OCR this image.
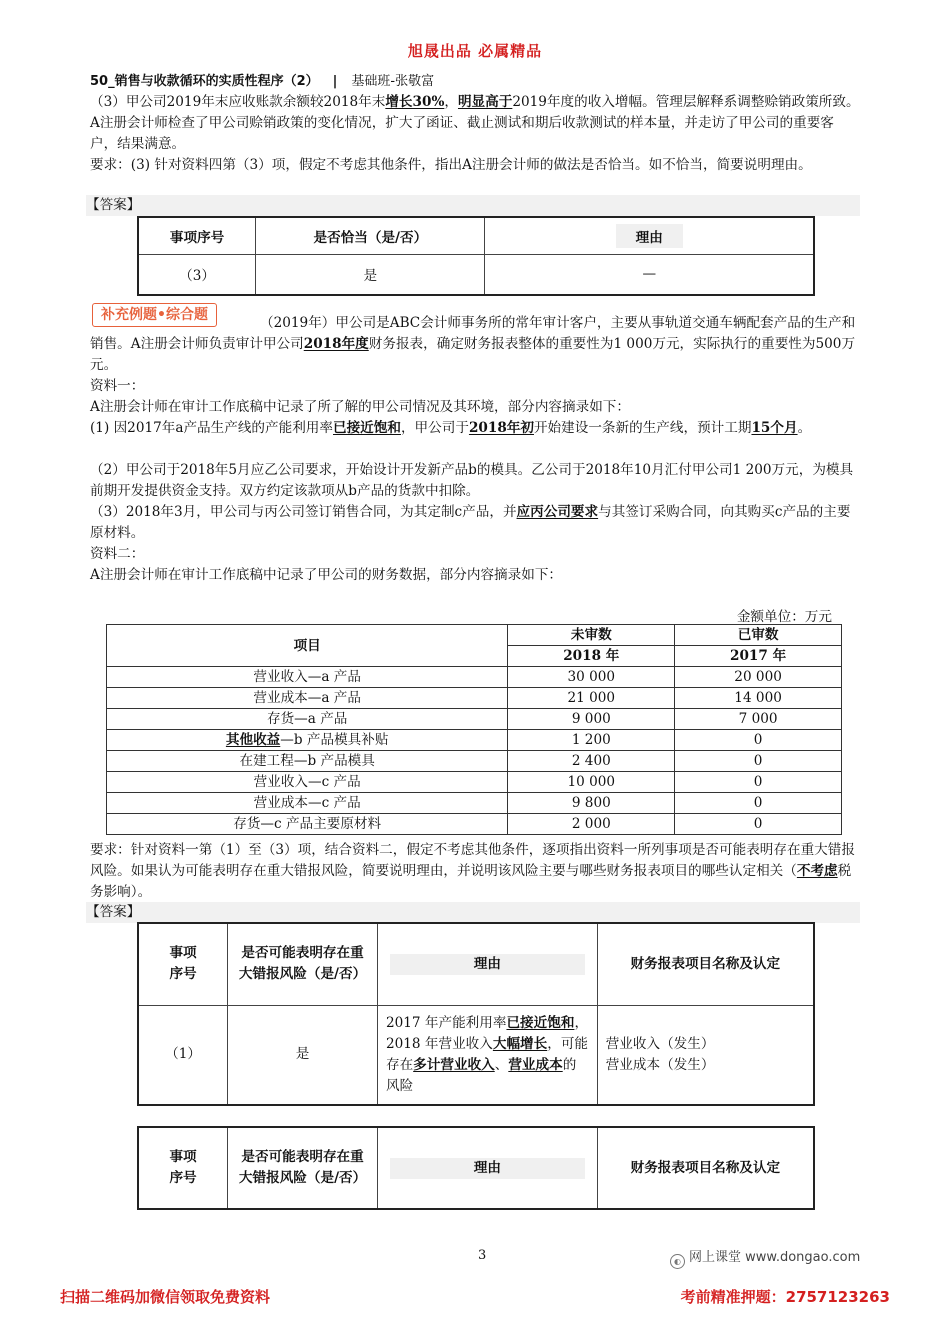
旭晟出品 必属精品
50_销售与收款循环的实质性程序（2） | 基础班-张敬富
（3）甲公司2019年末应收账款余额较2018年末增长30%，明显高于2019年度的收入增幅。管理层解释系调整赊销政策所致。A注册会计师检查了甲公司赊销政策的变化情况，扩大了函证、截止测试和期后收款测试的样本量，并走访了甲公司的重要客户，结果满意。
要求：(3) 针对资料四第（3）项，假定不考虑其他条件，指出A注册会计师的做法是否恰当。如不恰当，简要说明理由。
【答案】
事项序号	是否恰当（是/否）	理由
（3）	是	—
补充例题•综合题	（2019年）甲公司是ABC会计师事务所的常年审计客户，主要从事轨道交通车辆配套产品的生产和销售。A注册会计师负责审计甲公司2018年度财务报表，确定财务报表整体的重要性为1 000万元，实际执行的重要性为500万元。
资料一：
A注册会计师在审计工作底稿中记录了所了解的甲公司情况及其环境，部分内容摘录如下：
(1) 因2017年a产品生产线的产能利用率已接近饱和，甲公司于2018年初开始建设一条新的生产线，预计工期15个月。
（2）甲公司于2018年5月应乙公司要求，开始设计开发新产品b的模具。乙公司于2018年10月汇付甲公司1 200万元，为模具前期开发提供资金支持。双方约定该款项从b产品的货款中扣除。
（3）2018年3月，甲公司与丙公司签订销售合同，为其定制c产品，并应丙公司要求与其签订采购合同，向其购买c产品的主要原材料。
资料二：
A注册会计师在审计工作底稿中记录了甲公司的财务数据，部分内容摘录如下：
金额单位：万元
项目	未审数	已审数
	2018 年	2017 年
营业收入—a 产品	30 000	20 000
营业成本—a 产品	21 000	14 000
存货—a 产品	9 000	7 000
其他收益—b 产品模具补贴	1 200	0
在建工程—b 产品模具	2 400	0
营业收入—c 产品	10 000	0
营业成本—c 产品	9 800	0
存货—c 产品主要原材料	2 000	0
要求：针对资料一第（1）至（3）项，结合资料二，假定不考虑其他条件，逐项指出资料一所列事项是否可能表明存在重大错报风险。如果认为可能表明存在重大错报风险，简要说明理由，并说明该风险主要与哪些财务报表项目的哪些认定相关（不考虑税务影响）。
【答案】
事项序号	是否可能表明存在重大错报风险（是/否）	理由	财务报表项目名称及认定
（1）	是	2017 年产能利用率已接近饱和，2018 年营业收入大幅增长，可能存在多计营业收入、营业成本的风险	营业收入（发生）
营业成本（发生）
事项序号	是否可能表明存在重大错报风险（是/否）	理由	财务报表项目名称及认定
3	◐ 网上课堂 www.dongao.com
扫描二维码加微信领取免费资料	考前精准押题：2757123263
